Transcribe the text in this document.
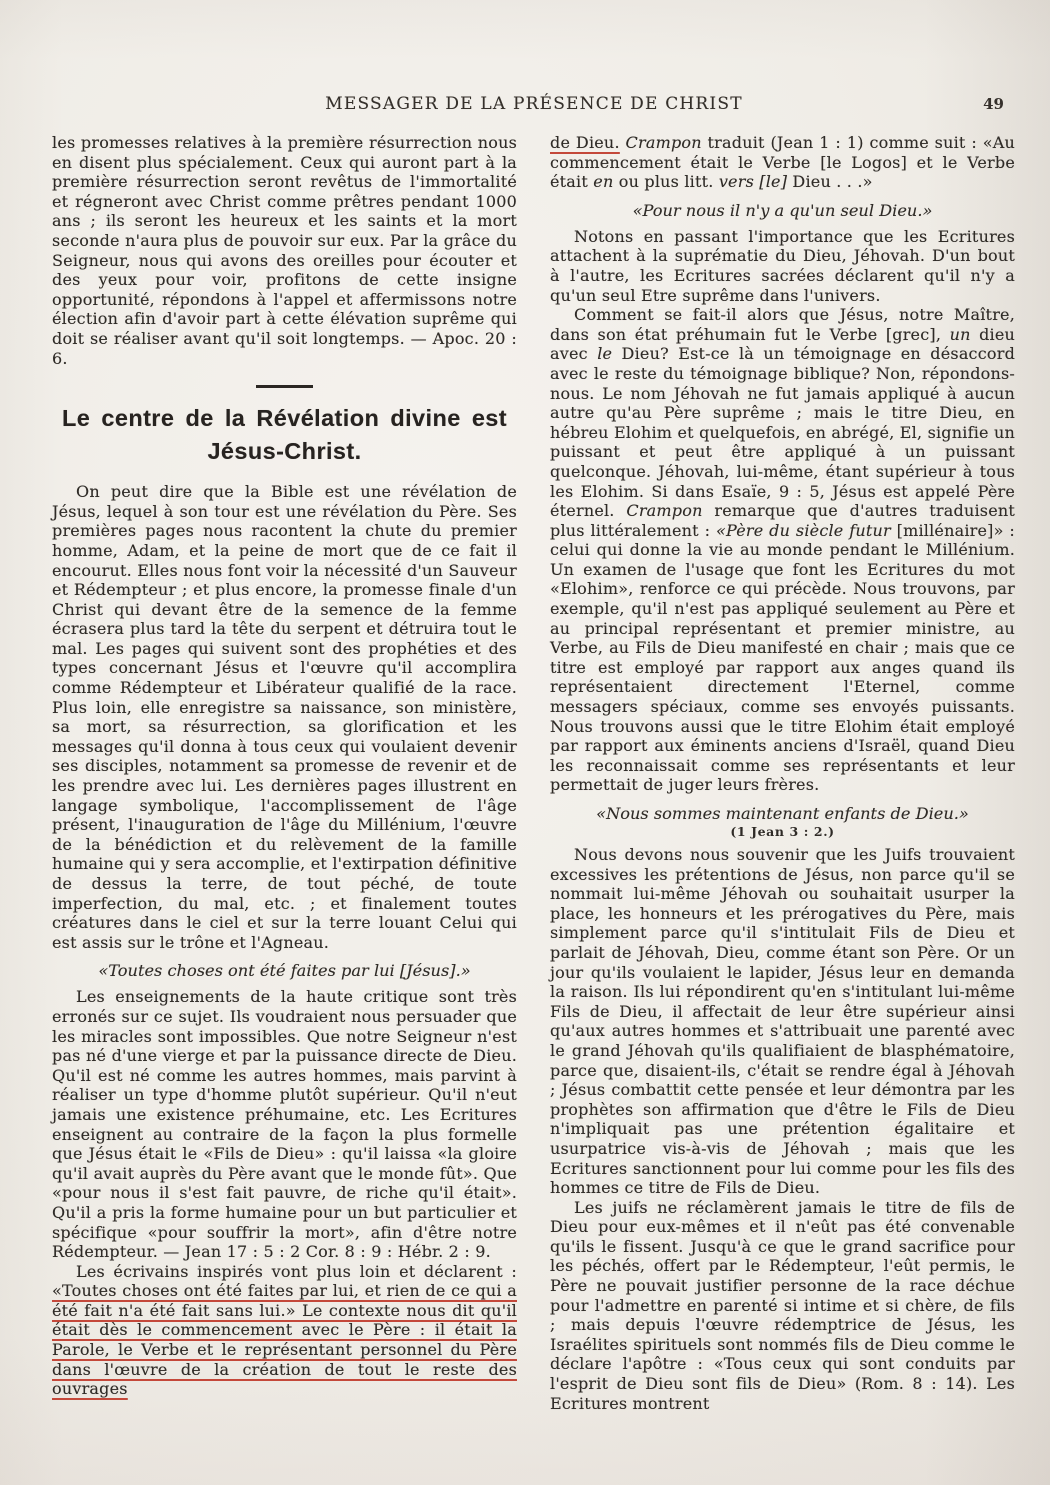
MESSAGER DE LA PRÉSENCE DE CHRIST	49

les promesses relatives à la première résurrection nous en disent plus spécialement. Ceux qui auront part à la première résurrection seront revêtus de l'immortalité et régneront avec Christ comme prêtres pendant 1000 ans ; ils seront les heureux et les saints et la mort seconde n'aura plus de pouvoir sur eux. Par la grâce du Seigneur, nous qui avons des oreilles pour écouter et des yeux pour voir, profitons de cette insigne opportunité, répondons à l'appel et affermissons notre élection afin d'avoir part à cette élévation suprême qui doit se réaliser avant qu'il soit longtemps. — Apoc. 20 : 6.

Le centre de la Révélation divine est
Jésus-Christ.

On peut dire que la Bible est une révélation de Jésus, lequel à son tour est une révélation du Père. Ses premières pages nous racontent la chute du premier homme, Adam, et la peine de mort que de ce fait il encourut. Elles nous font voir la nécessité d'un Sauveur et Rédempteur ; et plus encore, la promesse finale d'un Christ qui devant être de la semence de la femme écrasera plus tard la tête du serpent et détruira tout le mal. Les pages qui suivent sont des prophéties et des types concernant Jésus et l'œuvre qu'il accomplira comme Rédempteur et Libérateur qualifié de la race. Plus loin, elle enregistre sa naissance, son ministère, sa mort, sa résurrection, sa glorification et les messages qu'il donna à tous ceux qui voulaient devenir ses disciples, notamment sa promesse de revenir et de les prendre avec lui. Les dernières pages illustrent en langage symbolique, l'accomplissement de l'âge présent, l'inauguration de l'âge du Millénium, l'œuvre de la bénédiction et du relèvement de la famille humaine qui y sera accomplie, et l'extirpation définitive de dessus la terre, de tout péché, de toute imperfection, du mal, etc. ; et finalement toutes créatures dans le ciel et sur la terre louant Celui qui est assis sur le trône et l'Agneau.

«Toutes choses ont été faites par lui [Jésus].»

Les enseignements de la haute critique sont très erronés sur ce sujet. Ils voudraient nous persuader que les miracles sont impossibles. Que notre Seigneur n'est pas né d'une vierge et par la puissance directe de Dieu. Qu'il est né comme les autres hommes, mais parvint à réaliser un type d'homme plutôt supérieur. Qu'il n'eut jamais une existence préhumaine, etc. Les Ecritures enseignent au contraire de la façon la plus formelle que Jésus était le «Fils de Dieu» : qu'il laissa «la gloire qu'il avait auprès du Père avant que le monde fût». Que «pour nous il s'est fait pauvre, de riche qu'il était». Qu'il a pris la forme humaine pour un but particulier et spécifique «pour souffrir la mort», afin d'être notre Rédempteur. — Jean 17 : 5 : 2 Cor. 8 : 9 : Hébr. 2 : 9.

Les écrivains inspirés vont plus loin et déclarent : «Toutes choses ont été faites par lui, et rien de ce qui a été fait n'a été fait sans lui.» Le contexte nous dit qu'il était dès le commencement avec le Père : il était la Parole, le Verbe et le représentant personnel du Père dans l'œuvre de la création de tout le reste des ouvrages

de Dieu. Crampon traduit (Jean 1 : 1) comme suit : «Au commencement était le Verbe [le Logos] et le Verbe était en ou plus litt. vers [le] Dieu . . .»

«Pour nous il n'y a qu'un seul Dieu.»

Notons en passant l'importance que les Ecritures attachent à la suprématie du Dieu, Jéhovah. D'un bout à l'autre, les Ecritures sacrées déclarent qu'il n'y a qu'un seul Etre suprême dans l'univers.

Comment se fait-il alors que Jésus, notre Maître, dans son état préhumain fut le Verbe [grec], un dieu avec le Dieu? Est-ce là un témoignage en désaccord avec le reste du témoignage biblique? Non, répondons-nous. Le nom Jéhovah ne fut jamais appliqué à aucun autre qu'au Père suprême ; mais le titre Dieu, en hébreu Elohim et quelquefois, en abrégé, El, signifie un puissant et peut être appliqué à un puissant quelconque. Jéhovah, lui-même, étant supérieur à tous les Elohim. Si dans Esaïe, 9 : 5, Jésus est appelé Père éternel. Crampon remarque que d'autres traduisent plus littéralement : «Père du siècle futur [millénaire]» : celui qui donne la vie au monde pendant le Millénium. Un examen de l'usage que font les Ecritures du mot «Elohim», renforce ce qui précède. Nous trouvons, par exemple, qu'il n'est pas appliqué seulement au Père et au principal représentant et premier ministre, au Verbe, au Fils de Dieu manifesté en chair ; mais que ce titre est employé par rapport aux anges quand ils représentaient directement l'Eternel, comme messagers spéciaux, comme ses envoyés puissants. Nous trouvons aussi que le titre Elohim était employé par rapport aux éminents anciens d'Israël, quand Dieu les reconnaissait comme ses représentants et leur permettait de juger leurs frères.

«Nous sommes maintenant enfants de Dieu.»

(1 Jean 3 : 2.)

Nous devons nous souvenir que les Juifs trouvaient excessives les prétentions de Jésus, non parce qu'il se nommait lui-même Jéhovah ou souhaitait usurper la place, les honneurs et les prérogatives du Père, mais simplement parce qu'il s'intitulait Fils de Dieu et parlait de Jéhovah, Dieu, comme étant son Père. Or un jour qu'ils voulaient le lapider, Jésus leur en demanda la raison. Ils lui répondirent qu'en s'intitulant lui-même Fils de Dieu, il affectait de leur être supérieur ainsi qu'aux autres hommes et s'attribuait une parenté avec le grand Jéhovah qu'ils qualifiaient de blasphématoire, parce que, disaient-ils, c'était se rendre égal à Jéhovah ; Jésus combattit cette pensée et leur démontra par les prophètes son affirmation que d'être le Fils de Dieu n'impliquait pas une prétention égalitaire et usurpatrice vis-à-vis de Jéhovah ; mais que les Ecritures sanctionnent pour lui comme pour les fils des hommes ce titre de Fils de Dieu.

Les juifs ne réclamèrent jamais le titre de fils de Dieu pour eux-mêmes et il n'eût pas été convenable qu'ils le fissent. Jusqu'à ce que le grand sacrifice pour les péchés, offert par le Rédempteur, l'eût permis, le Père ne pouvait justifier personne de la race déchue pour l'admettre en parenté si intime et si chère, de fils ; mais depuis l'œuvre rédemptrice de Jésus, les Israélites spirituels sont nommés fils de Dieu comme le déclare l'apôtre : «Tous ceux qui sont conduits par l'esprit de Dieu sont fils de Dieu» (Rom. 8 : 14). Les Ecritures montrent
